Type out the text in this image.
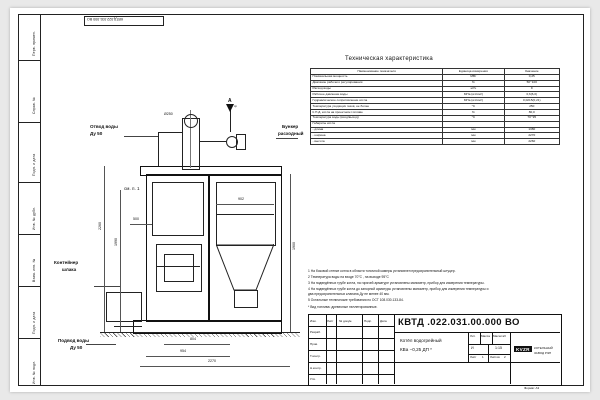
Перв. примен.
Справ. №
Подп. и дата
Инв. № дубл.
Взам. инв. №
Подп. и дата
Инв. № подл.
КВТД.022.031.000 ВО
Техническая характеристика
Наименование показателя	Единица измерения	Значение
Номинальная мощность	МВт	0,25
Диапазон рабочего регулирования	%	50−100
Расход воды	м³/ч	9
Рабочее давление воды	МПа (кгс/см²)	0,6(6,0)
Гидравлическое сопротивление котла	МПа (кгс/см²)	0,0215(0,21)
Температура уходящих газов, не более	°С	250
К.П.Д. котла на проектном топливе	%	80,0
Температура воды (вход/выход)	°С	70−95
Габариты котла		
- длина	мм	1380
- ширина	мм	2270
- высота	мм	2260
1 На боковой стенке котла в области топочной камеры установлен предохранительный штуцер.
2 Температура воды на входе 70°С , на выходе 95°С
3 На подведённых трубе котла, на горячей арматуре установлены манометр, прибор для измерения температуры.
4 На подведённых трубе котла до запорной арматуры установлены манометр, прибор для измерения температуры и два предохранительных клапана Ду не менее 40 мм.
5 Остальные технические требования по ОСТ 108.030.133-84.
* Вид топлива: древесные пеллетированные.
Ø250
A
ср
Отвод воды
Ду 50
Бункер
расходный
Контейнер
шлака
Подвод воды
Ду 50
см. п. 1
2260
1990	1900
902
500
804
954
2270
Изм.	Лист № докум.	Подп.	Дата
Разраб.
Пров.
Т.контр.
Н.контр.
Утв.
КВТД .022.031.00.000 ВО
Котёл водогрейный
КВа −0,25 ДП *
Лит. Масса Масштаб
И	1:15
Лист	Листов
1	2
KVZR	КОТЕЛЬНЫЙ
ЗАВОД РЭП
Формат А3
